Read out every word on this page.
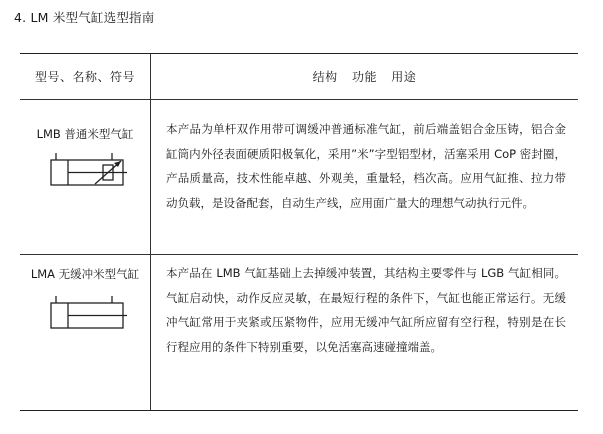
4. LM 米型气缸选型指南
型号、名称、符号	结构 功能 用途
LMB 普通米型气缸	本产品为单杆双作用带可调缓冲普通标准气缸，前后端盖铝合金压铸，铝合金缸筒内外径表面硬质阳极氧化，采用”米”字型铝型材，活塞采用 CoP 密封圈，产品质量高，技术性能卓越、外观美，重量轻，档次高。应用气缸推、拉力带动负载，是设备配套，自动生产线，应用面广量大的理想气动执行元件。
LMA 无缓冲米型气缸	本产品在 LMB 气缸基础上去掉缓冲装置，其结构主要零件与 LGB 气缸相同。气缸启动快，动作反应灵敏，在最短行程的条件下，气缸也能正常运行。无缓冲气缸常用于夹紧或压紧物件，应用无缓冲气缸所应留有空行程，特别是在长行程应用的条件下特别重要，以免活塞高速碰撞端盖。
